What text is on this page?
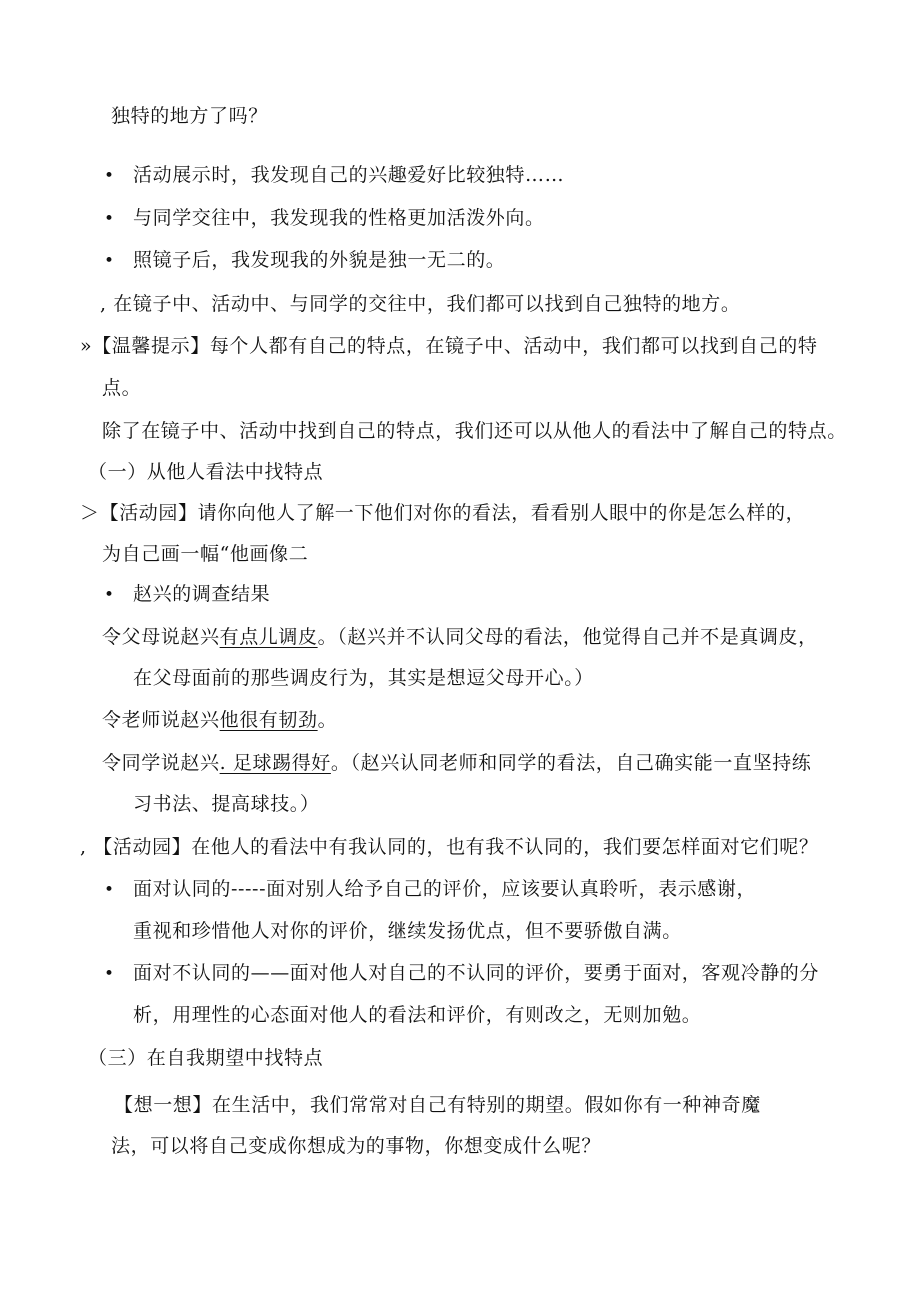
独特的地方了吗？
• 活动展示时，我发现自己的兴趣爱好比较独特……
• 与同学交往中，我发现我的性格更加活泼外向。
• 照镜子后，我发现我的外貌是独一无二的。
, 在镜子中、活动中、与同学的交往中，我们都可以找到自己独特的地方。
»【温馨提示】每个人都有自己的特点，在镜子中、活动中，我们都可以找到自己的特
点。
除了在镜子中、活动中找到自己的特点，我们还可以从他人的看法中了解自己的特点。
（一）从他人看法中找特点
＞【活动园】请你向他人了解一下他们对你的看法，看看别人眼中的你是怎么样的，
为自己画一幅“他画像二
• 赵兴的调查结果
令父母说赵兴有点儿调皮。（赵兴并不认同父母的看法，他觉得自己并不是真调皮，
在父母面前的那些调皮行为，其实是想逗父母开心。）
令老师说赵兴他很有韧劲。
令同学说赵兴. 足球踢得好。（赵兴认同老师和同学的看法，自己确实能一直坚持练
习书法、提高球技。）
, 【活动园】在他人的看法中有我认同的，也有我不认同的，我们要怎样面对它们呢？
• 面对认同的-----面对别人给予自己的评价，应该要认真聆听，表示感谢，
重视和珍惜他人对你的评价，继续发扬优点，但不要骄傲自满。
• 面对不认同的——面对他人对自己的不认同的评价，要勇于面对，客观冷静的分
析，用理性的心态面对他人的看法和评价，有则改之，无则加勉。
（三）在自我期望中找特点
【想一想】在生活中，我们常常对自己有特别的期望。假如你有一种神奇魔
法，可以将自己变成你想成为的事物，你想变成什么呢？
